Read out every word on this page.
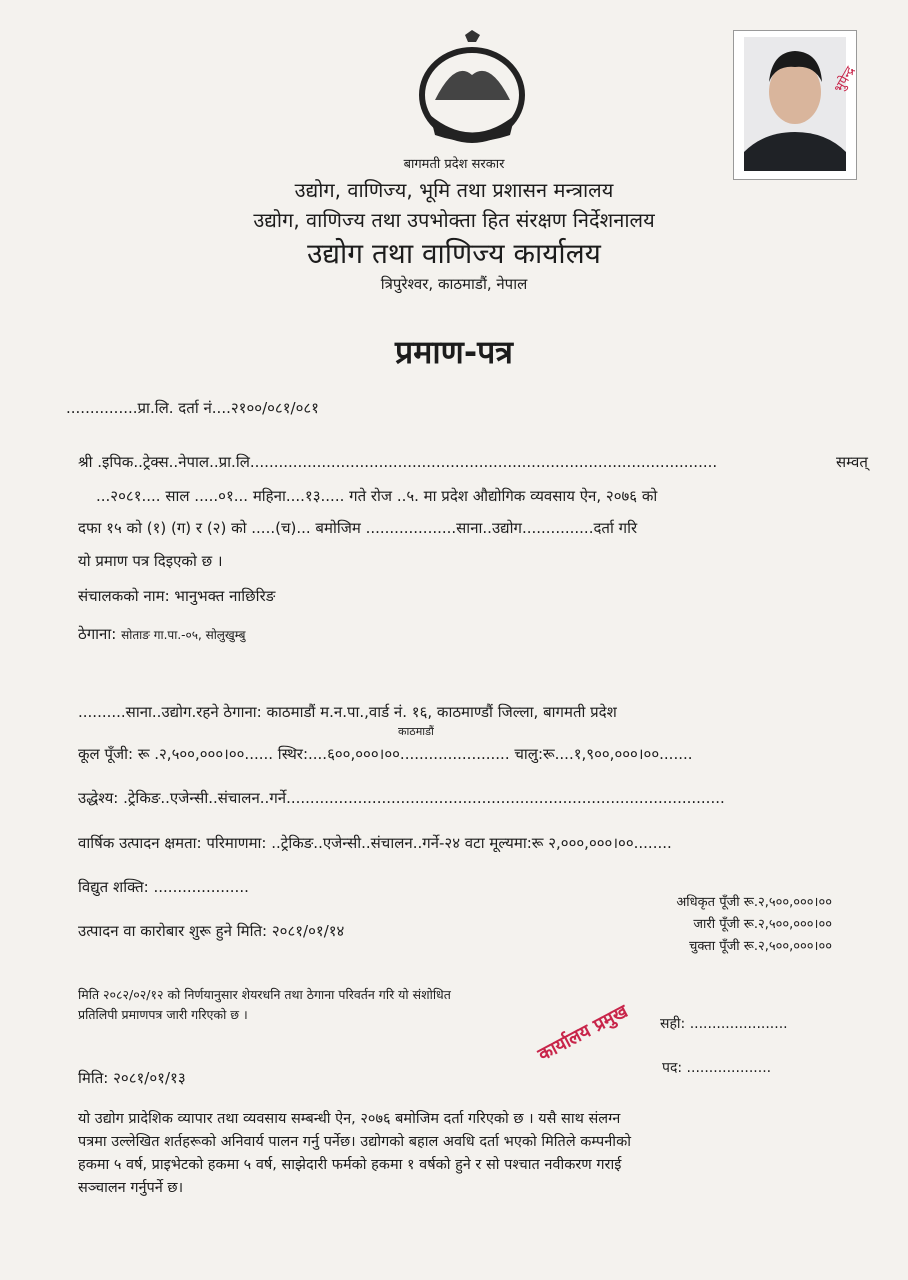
भुपेन्द्र
बागमती प्रदेश सरकार
उद्योग, वाणिज्य, भूमि तथा प्रशासन मन्त्रालय
उद्योग, वाणिज्य तथा उपभोक्ता हित संरक्षण निर्देशनालय
उद्योग तथा वाणिज्य कार्यालय
त्रिपुरेश्वर, काठमाडौं, नेपाल
प्रमाण-पत्र
...............प्रा.लि. दर्ता नं....२१००/०८१/०८१
श्री .इपिक..ट्रेक्स..नेपाल..प्रा.लि..................................................................................................	सम्वत्
...२०८१.... साल .....०१... महिना....१३..... गते रोज ..५. मा प्रदेश औद्योगिक व्यवसाय ऐन, २०७६ को
दफा १५ को (१) (ग) र (२) को .....(च)... बमोजिम ...................साना..उद्योग...............दर्ता गरि
यो प्रमाण पत्र दिइएको छ ।
संचालकको नाम: भानुभक्त नाछिरिङ
ठेगाना: सोताङ गा.पा.-०५, सोलुखुम्बु
..........साना..उद्योग.रहने ठेगाना: काठमाडौं म.न.पा.,वार्ड नं. १६, काठमाण्डौं जिल्ला, बागमती प्रदेश
काठमाडौं
कूल पूँजी: रू .२,५००,०००।००...... स्थिर:....६००,०००।००....................... चालु:रू....१,९००,०००।००.......
उद्धेश्य: .ट्रेकिङ..एजेन्सी..संचालन..गर्ने............................................................................................
वार्षिक उत्पादन क्षमता: परिमाणमा: ..ट्रेकिङ..एजेन्सी..संचालन..गर्ने-२४ वटा मूल्यमा:रू २,०००,०००।००........
विद्युत शक्ति: ....................
उत्पादन वा कारोबार शुरू हुने मिति: २०८१/०१/१४
अधिकृत पूँजी रू.२,५००,०००।००
जारी पूँजी रू.२,५००,०००।००
चुक्ता पूँजी रू.२,५००,०००।००
मिति २०८२/०२/१२ को निर्णयानुसार शेयरधनि तथा ठेगाना परिवर्तन गरि यो संशोधित
प्रतिलिपी प्रमाणपत्र जारी गरिएको छ ।
सही: ......................
पद: ...................
कार्यालय प्रमुख
मिति: २०८१/०१/१३
यो उद्योग प्रादेशिक व्यापार तथा व्यवसाय सम्बन्धी ऐन, २०७६ बमोजिम दर्ता गरिएको छ । यसै साथ संलग्न
पत्रमा उल्लेखित शर्तहरूको अनिवार्य पालन गर्नु पर्नेछ। उद्योगको बहाल अवधि दर्ता भएको मितिले कम्पनीको
हकमा ५ वर्ष, प्राइभेटको हकमा ५ वर्ष, साझेदारी फर्मको हकमा १ वर्षको हुने र सो पश्चात नवीकरण गराई
सञ्चालन गर्नुपर्ने छ।
